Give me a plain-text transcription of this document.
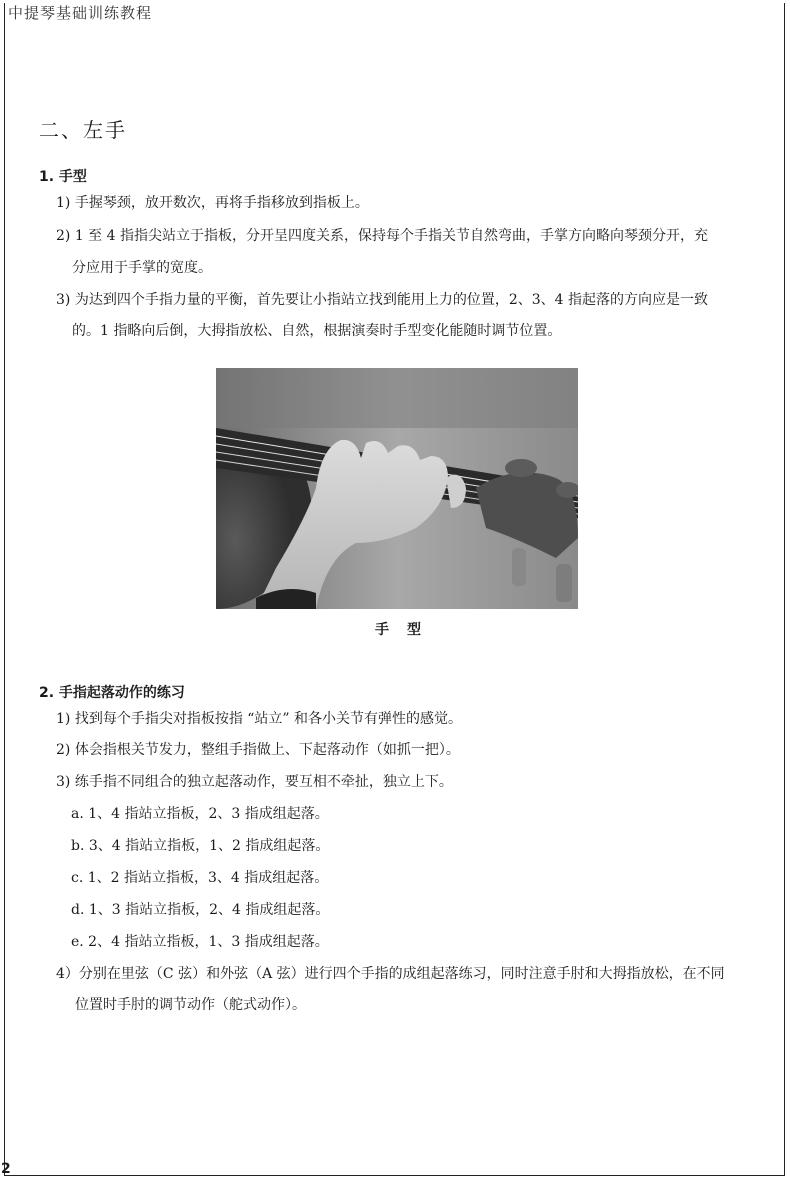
中提琴基础训练教程
二、左手
1. 手型
1) 手握琴颈，放开数次，再将手指移放到指板上。
2) 1 至 4 指指尖站立于指板，分开呈四度关系，保持每个手指关节自然弯曲，手掌方向略向琴颈分开，充
分应用于手掌的宽度。
3) 为达到四个手指力量的平衡，首先要让小指站立找到能用上力的位置，2、3、4 指起落的方向应是一致
的。1 指略向后倒，大拇指放松、自然，根据演奏时手型变化能随时调节位置。
手型
2. 手指起落动作的练习
1) 找到每个手指尖对指板按指 “站立” 和各小关节有弹性的感觉。
2) 体会指根关节发力，整组手指做上、下起落动作（如抓一把）。
3) 练手指不同组合的独立起落动作，要互相不牵扯，独立上下。
a. 1、4 指站立指板，2、3 指成组起落。
b. 3、4 指站立指板，1、2 指成组起落。
c. 1、2 指站立指板，3、4 指成组起落。
d. 1、3 指站立指板，2、4 指成组起落。
e. 2、4 指站立指板，1、3 指成组起落。
4）分别在里弦（C 弦）和外弦（A 弦）进行四个手指的成组起落练习，同时注意手肘和大拇指放松，在不同
位置时手肘的调节动作（舵式动作）。
2
